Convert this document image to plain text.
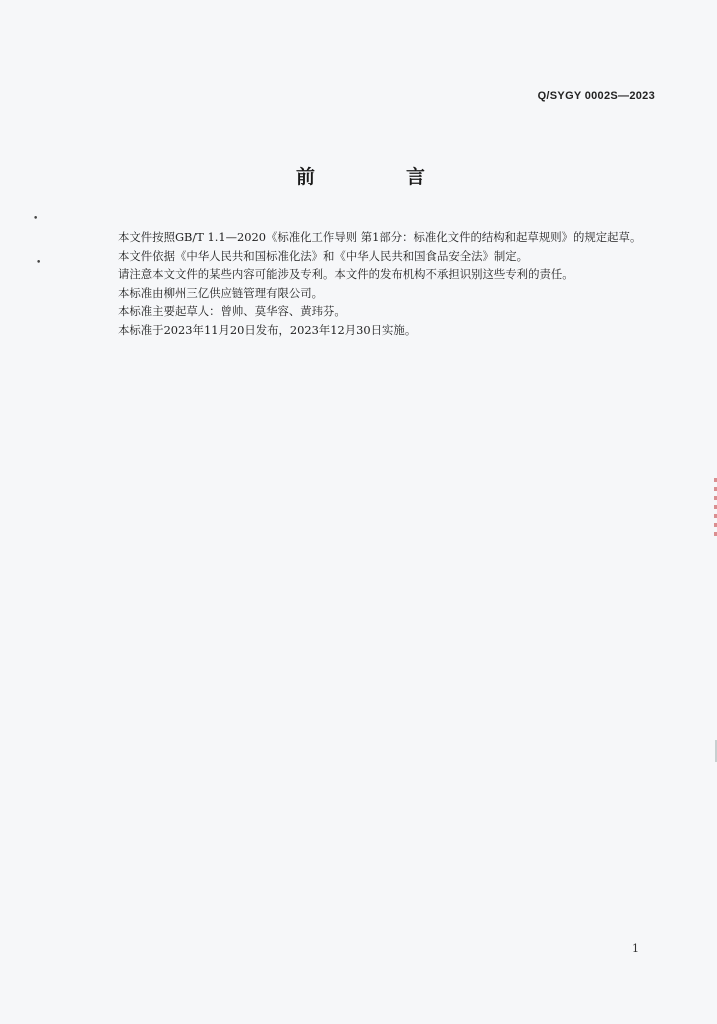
Q/SYGY 0002S—2023
前　言

本文件按照GB/T 1.1—2020《标准化工作导则 第1部分：标准化文件的结构和起草规则》的规定起草。

本文件依据《中华人民共和国标准化法》和《中华人民共和国食品安全法》制定。

请注意本文文件的某些内容可能涉及专利。本文件的发布机构不承担识别这些专利的责任。

本标准由柳州三亿供应链管理有限公司。

本标准主要起草人：曾帅、莫华容、黄玮芬。

本标准于2023年11月20日发布，2023年12月30日实施。

1
•
•
